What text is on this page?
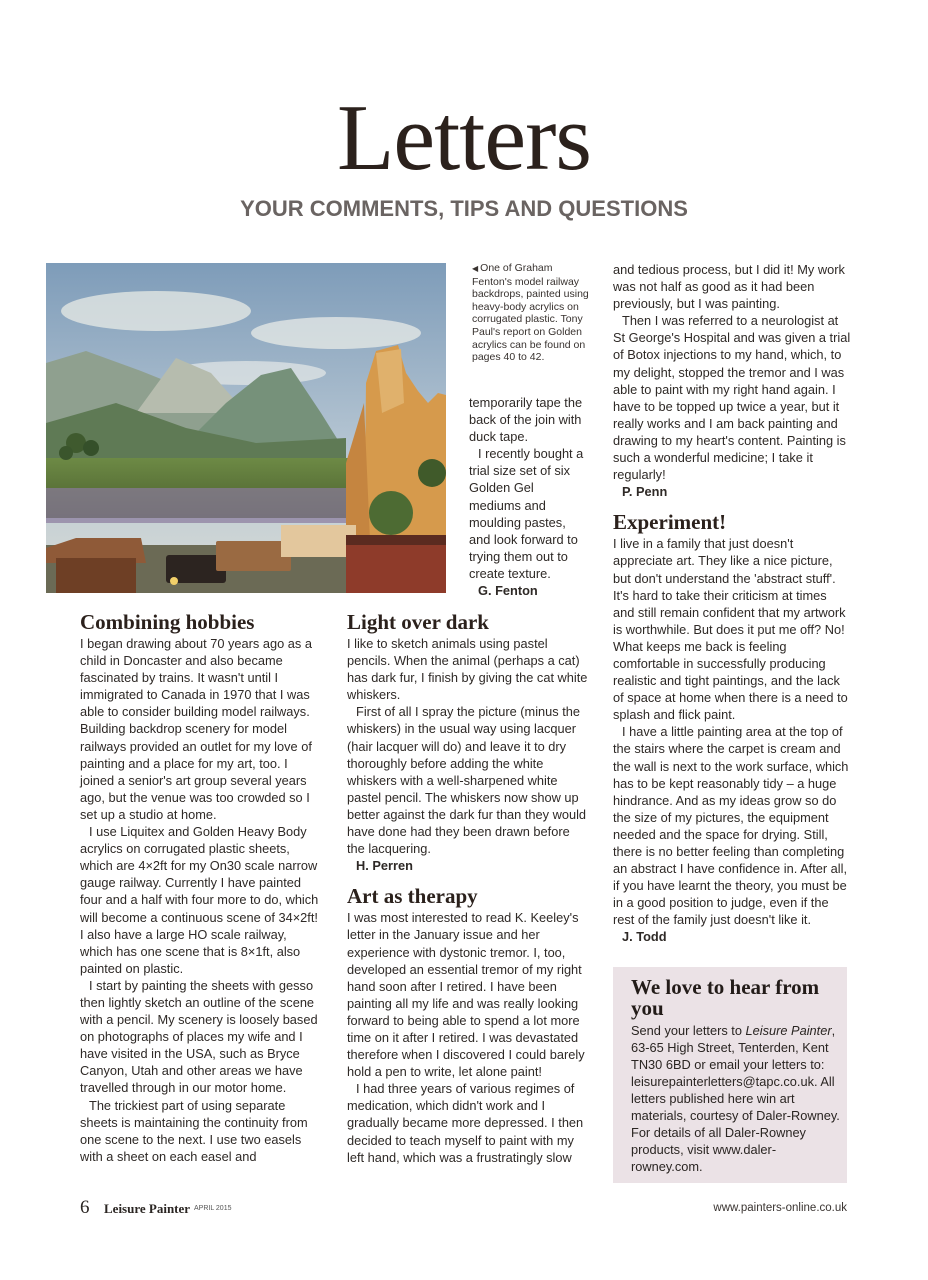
Letters
YOUR COMMENTS, TIPS AND QUESTIONS
◀ One of Graham Fenton's model railway backdrops, painted using heavy-body acrylics on corrugated plastic. Tony Paul's report on Golden acrylics can be found on pages 40 to 42.
Combining hobbies

I began drawing about 70 years ago as a child in Doncaster and also became fascinated by trains. It wasn't until I immigrated to Canada in 1970 that I was able to consider building model railways. Building backdrop scenery for model railways provided an outlet for my love of painting and a place for my art, too. I joined a senior's art group several years ago, but the venue was too crowded so I set up a studio at home.

I use Liquitex and Golden Heavy Body acrylics on corrugated plastic sheets, which are 4×2ft for my On30 scale narrow gauge railway. Currently I have painted four and a half with four more to do, which will become a continuous scene of 34×2ft! I also have a large HO scale railway, which has one scene that is 8×1ft, also painted on plastic.

I start by painting the sheets with gesso then lightly sketch an outline of the scene with a pencil. My scenery is loosely based on photographs of places my wife and I have visited in the USA, such as Bryce Canyon, Utah and other areas we have travelled through in our motor home.

The trickiest part of using separate sheets is maintaining the continuity from one scene to the next. I use two easels with a sheet on each easel and

temporarily tape the back of the join with duck tape.

I recently bought a trial size set of six Golden Gel mediums and moulding pastes, and look forward to trying them out to create texture.

G. Fenton

Light over dark

I like to sketch animals using pastel pencils. When the animal (perhaps a cat) has dark fur, I finish by giving the cat white whiskers.

First of all I spray the picture (minus the whiskers) in the usual way using lacquer (hair lacquer will do) and leave it to dry thoroughly before adding the white whiskers with a well-sharpened white pastel pencil. The whiskers now show up better against the dark fur than they would have done had they been drawn before the lacquering.

H. Perren

Art as therapy

I was most interested to read K. Keeley's letter in the January issue and her experience with dystonic tremor. I, too, developed an essential tremor of my right hand soon after I retired. I have been painting all my life and was really looking forward to being able to spend a lot more time on it after I retired. I was devastated therefore when I discovered I could barely hold a pen to write, let alone paint!

I had three years of various regimes of medication, which didn't work and I gradually became more depressed. I then decided to teach myself to paint with my left hand, which was a frustratingly slow

and tedious process, but I did it! My work was not half as good as it had been previously, but I was painting.

Then I was referred to a neurologist at St George's Hospital and was given a trial of Botox injections to my hand, which, to my delight, stopped the tremor and I was able to paint with my right hand again. I have to be topped up twice a year, but it really works and I am back painting and drawing to my heart's content. Painting is such a wonderful medicine; I take it regularly!

P. Penn

Experiment!

I live in a family that just doesn't appreciate art. They like a nice picture, but don't understand the 'abstract stuff'. It's hard to take their criticism at times and still remain confident that my artwork is worthwhile. But does it put me off? No! What keeps me back is feeling comfortable in successfully producing realistic and tight paintings, and the lack of space at home when there is a need to splash and flick paint.

I have a little painting area at the top of the stairs where the carpet is cream and the wall is next to the work surface, which has to be kept reasonably tidy – a huge hindrance. And as my ideas grow so do the size of my pictures, the equipment needed and the space for drying. Still, there is no better feeling than completing an abstract I have confidence in. After all, if you have learnt the theory, you must be in a good position to judge, even if the rest of the family just doesn't like it.

J. Todd

We love to hear from you

Send your letters to Leisure Painter, 63-65 High Street, Tenterden, Kent TN30 6BD or email your letters to: leisurepainterletters@tapc.co.uk. All letters published here win art materials, courtesy of Daler-Rowney. For details of all Daler-Rowney products, visit www.daler-rowney.com.

6 Leisure Painter APRIL 2015	www.painters-online.co.uk
